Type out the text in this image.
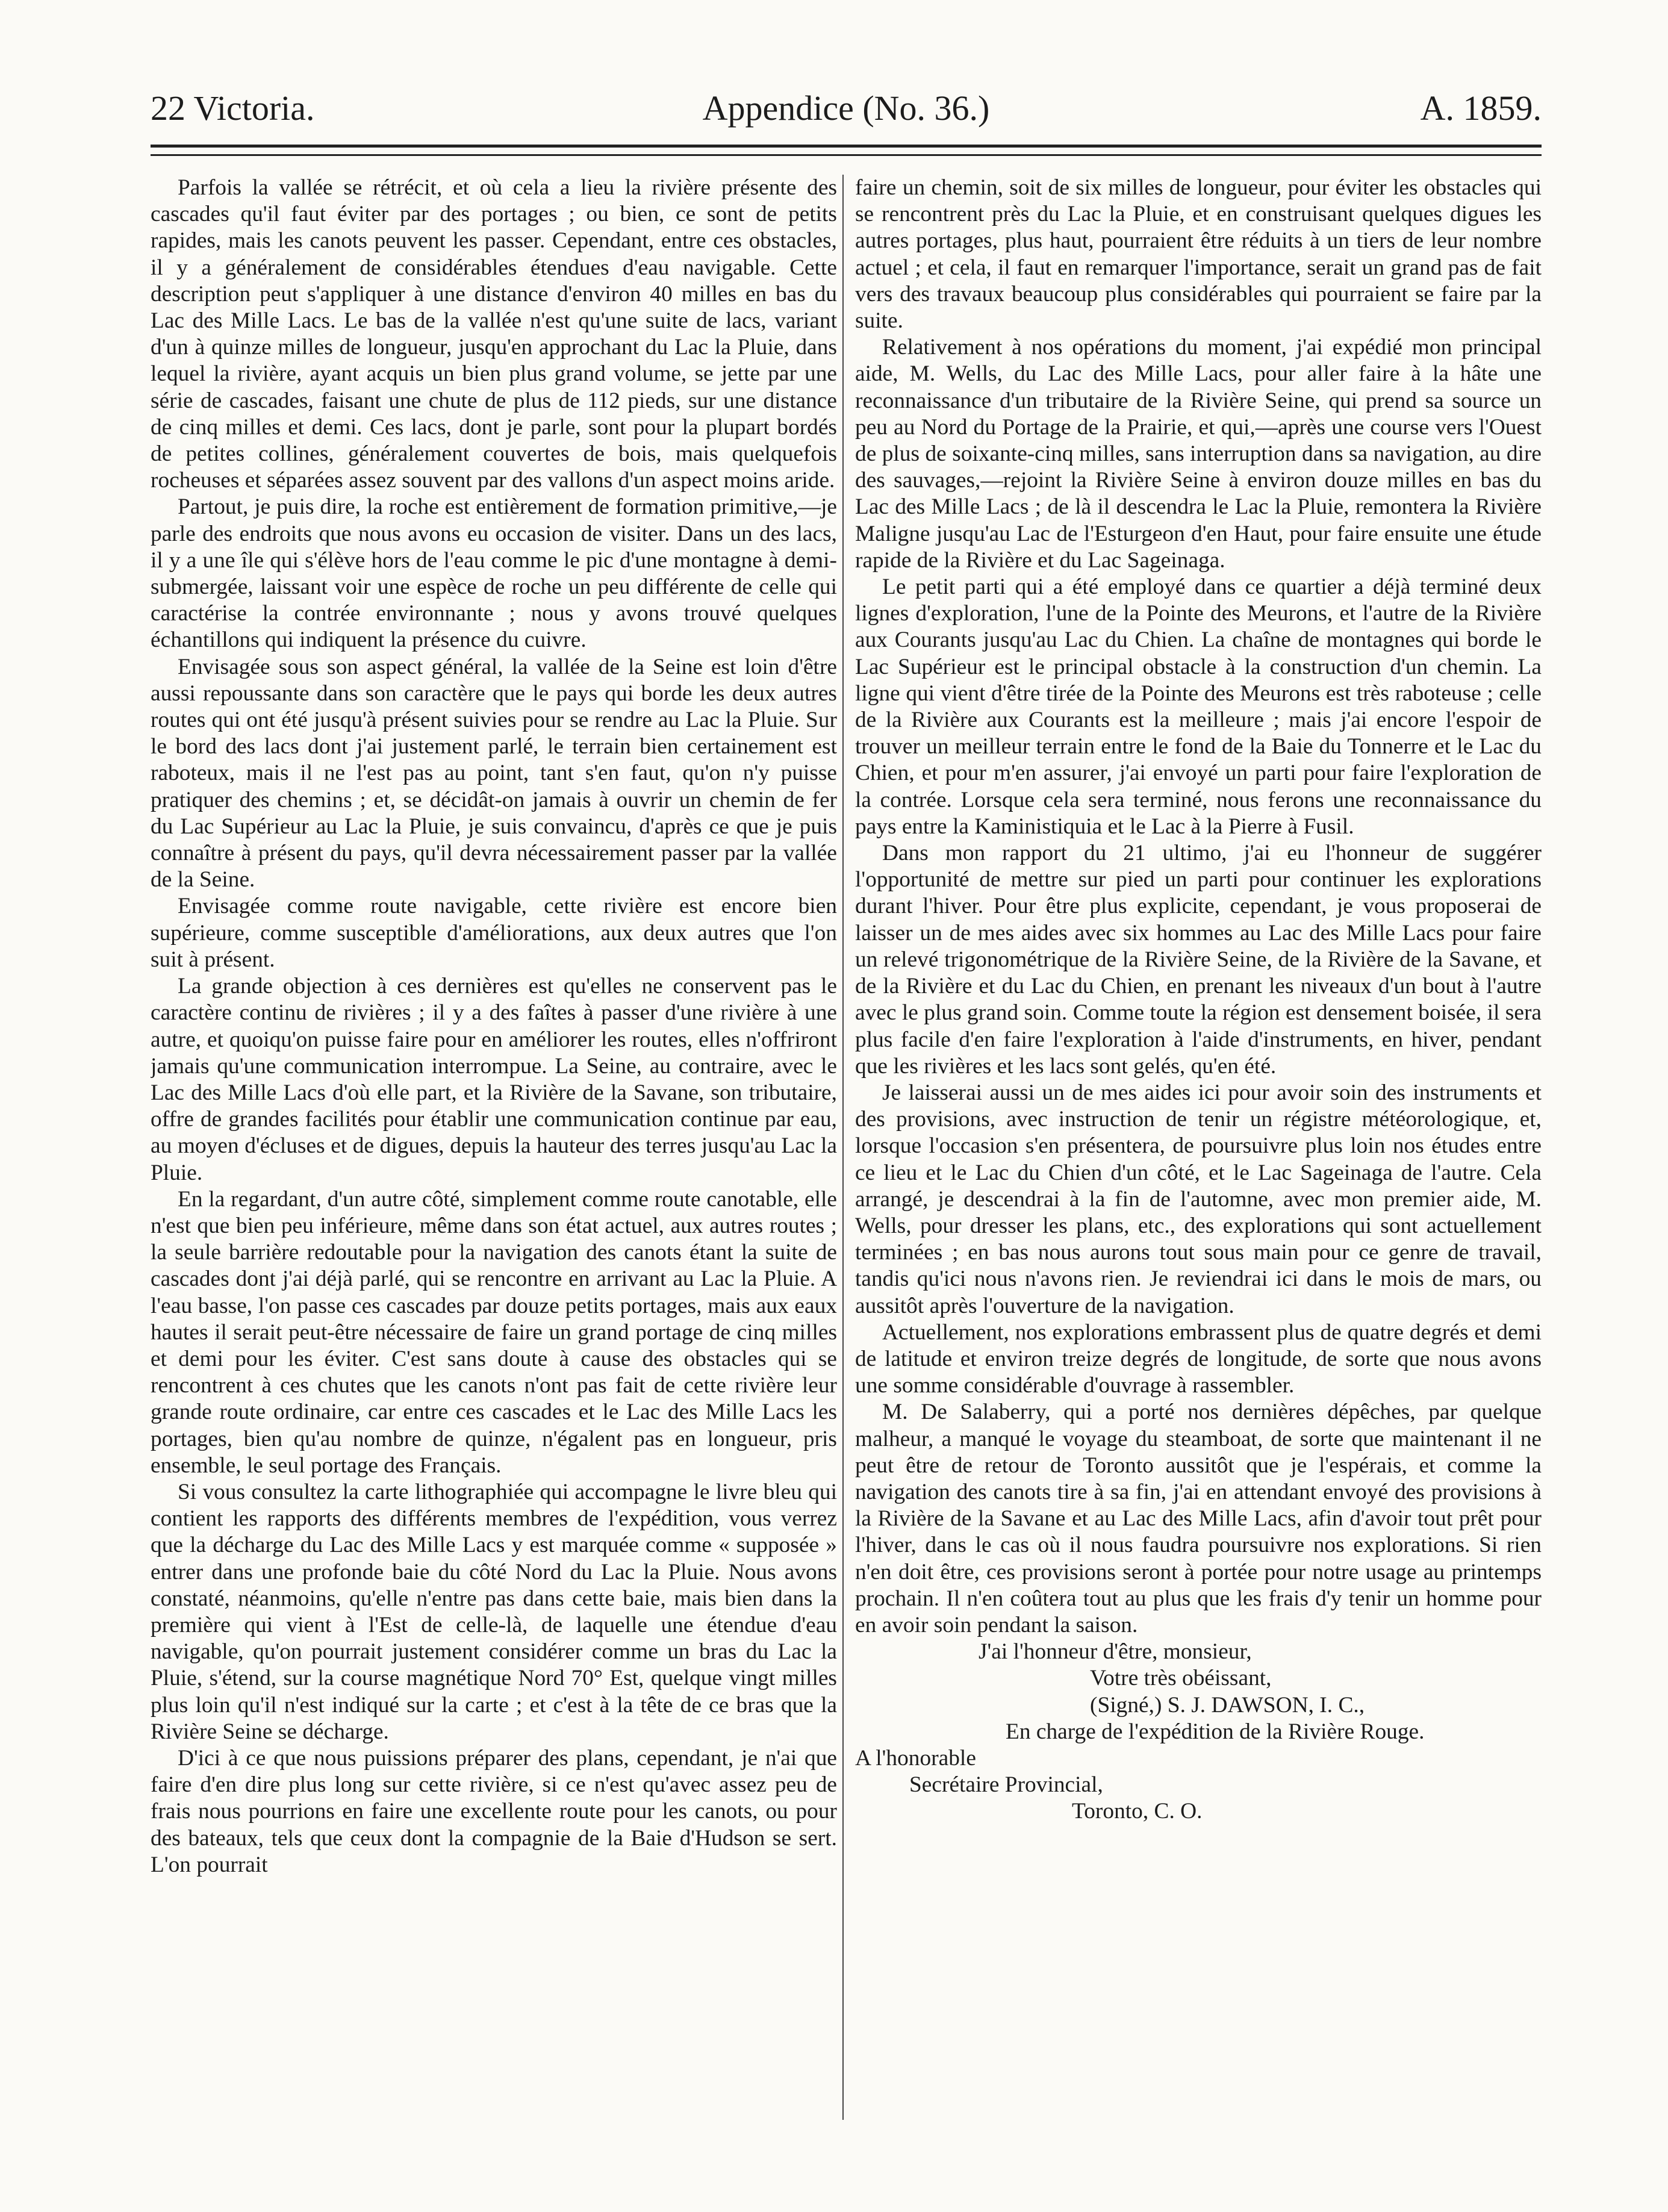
22 Victoria.	Appendice (No. 36.)	A. 1859.

Parfois la vallée se rétrécit, et où cela a lieu la rivière présente des cascades qu'il faut éviter par des portages ; ou bien, ce sont de petits rapides, mais les canots peuvent les passer. Cependant, entre ces obstacles, il y a généralement de considérables étendues d'eau navigable. Cette description peut s'appliquer à une distance d'environ 40 milles en bas du Lac des Mille Lacs. Le bas de la vallée n'est qu'une suite de lacs, variant d'un à quinze milles de longueur, jusqu'en approchant du Lac la Pluie, dans lequel la rivière, ayant acquis un bien plus grand volume, se jette par une série de cascades, faisant une chute de plus de 112 pieds, sur une distance de cinq milles et demi. Ces lacs, dont je parle, sont pour la plupart bordés de petites collines, généralement couvertes de bois, mais quelquefois rocheuses et séparées assez souvent par des vallons d'un aspect moins aride.

Partout, je puis dire, la roche est entièrement de formation primitive,—je parle des endroits que nous avons eu occasion de visiter. Dans un des lacs, il y a une île qui s'élève hors de l'eau comme le pic d'une montagne à demi-submergée, laissant voir une espèce de roche un peu différente de celle qui caractérise la contrée environnante ; nous y avons trouvé quelques échantillons qui indiquent la présence du cuivre.

Envisagée sous son aspect général, la vallée de la Seine est loin d'être aussi repoussante dans son caractère que le pays qui borde les deux autres routes qui ont été jusqu'à présent suivies pour se rendre au Lac la Pluie. Sur le bord des lacs dont j'ai justement parlé, le terrain bien certainement est raboteux, mais il ne l'est pas au point, tant s'en faut, qu'on n'y puisse pratiquer des chemins ; et, se décidât-on jamais à ouvrir un chemin de fer du Lac Supérieur au Lac la Pluie, je suis convaincu, d'après ce que je puis connaître à présent du pays, qu'il devra nécessairement passer par la vallée de la Seine.

Envisagée comme route navigable, cette rivière est encore bien supérieure, comme susceptible d'améliorations, aux deux autres que l'on suit à présent.

La grande objection à ces dernières est qu'elles ne conservent pas le caractère continu de rivières ; il y a des faîtes à passer d'une rivière à une autre, et quoiqu'on puisse faire pour en améliorer les routes, elles n'offriront jamais qu'une communication interrompue. La Seine, au contraire, avec le Lac des Mille Lacs d'où elle part, et la Rivière de la Savane, son tributaire, offre de grandes facilités pour établir une communication continue par eau, au moyen d'écluses et de digues, depuis la hauteur des terres jusqu'au Lac la Pluie.

En la regardant, d'un autre côté, simplement comme route canotable, elle n'est que bien peu inférieure, même dans son état actuel, aux autres routes ; la seule barrière redoutable pour la navigation des canots étant la suite de cascades dont j'ai déjà parlé, qui se rencontre en arrivant au Lac la Pluie. A l'eau basse, l'on passe ces cascades par douze petits portages, mais aux eaux hautes il serait peut-être nécessaire de faire un grand portage de cinq milles et demi pour les éviter. C'est sans doute à cause des obstacles qui se rencontrent à ces chutes que les canots n'ont pas fait de cette rivière leur grande route ordinaire, car entre ces cascades et le Lac des Mille Lacs les portages, bien qu'au nombre de quinze, n'égalent pas en longueur, pris ensemble, le seul portage des Français.

Si vous consultez la carte lithographiée qui accompagne le livre bleu qui contient les rapports des différents membres de l'expédition, vous verrez que la décharge du Lac des Mille Lacs y est marquée comme « supposée » entrer dans une profonde baie du côté Nord du Lac la Pluie. Nous avons constaté, néanmoins, qu'elle n'entre pas dans cette baie, mais bien dans la première qui vient à l'Est de celle-là, de laquelle une étendue d'eau navigable, qu'on pourrait justement considérer comme un bras du Lac la Pluie, s'étend, sur la course magnétique Nord 70° Est, quelque vingt milles plus loin qu'il n'est indiqué sur la carte ; et c'est à la tête de ce bras que la Rivière Seine se décharge.

D'ici à ce que nous puissions préparer des plans, cependant, je n'ai que faire d'en dire plus long sur cette rivière, si ce n'est qu'avec assez peu de frais nous pourrions en faire une excellente route pour les canots, ou pour des bateaux, tels que ceux dont la compagnie de la Baie d'Hudson se sert. L'on pourrait

faire un chemin, soit de six milles de longueur, pour éviter les obstacles qui se rencontrent près du Lac la Pluie, et en construisant quelques digues les autres portages, plus haut, pourraient être réduits à un tiers de leur nombre actuel ; et cela, il faut en remarquer l'importance, serait un grand pas de fait vers des travaux beaucoup plus considérables qui pourraient se faire par la suite.

Relativement à nos opérations du moment, j'ai expédié mon principal aide, M. Wells, du Lac des Mille Lacs, pour aller faire à la hâte une reconnaissance d'un tributaire de la Rivière Seine, qui prend sa source un peu au Nord du Portage de la Prairie, et qui,—après une course vers l'Ouest de plus de soixante-cinq milles, sans interruption dans sa navigation, au dire des sauvages,—rejoint la Rivière Seine à environ douze milles en bas du Lac des Mille Lacs ; de là il descendra le Lac la Pluie, remontera la Rivière Maligne jusqu'au Lac de l'Esturgeon d'en Haut, pour faire ensuite une étude rapide de la Rivière et du Lac Sageinaga.

Le petit parti qui a été employé dans ce quartier a déjà terminé deux lignes d'exploration, l'une de la Pointe des Meurons, et l'autre de la Rivière aux Courants jusqu'au Lac du Chien. La chaîne de montagnes qui borde le Lac Supérieur est le principal obstacle à la construction d'un chemin. La ligne qui vient d'être tirée de la Pointe des Meurons est très raboteuse ; celle de la Rivière aux Courants est la meilleure ; mais j'ai encore l'espoir de trouver un meilleur terrain entre le fond de la Baie du Tonnerre et le Lac du Chien, et pour m'en assurer, j'ai envoyé un parti pour faire l'exploration de la contrée. Lorsque cela sera terminé, nous ferons une reconnaissance du pays entre la Kaministiquia et le Lac à la Pierre à Fusil.

Dans mon rapport du 21 ultimo, j'ai eu l'honneur de suggérer l'opportunité de mettre sur pied un parti pour continuer les explorations durant l'hiver. Pour être plus explicite, cependant, je vous proposerai de laisser un de mes aides avec six hommes au Lac des Mille Lacs pour faire un relevé trigonométrique de la Rivière Seine, de la Rivière de la Savane, et de la Rivière et du Lac du Chien, en prenant les niveaux d'un bout à l'autre avec le plus grand soin. Comme toute la région est densement boisée, il sera plus facile d'en faire l'exploration à l'aide d'instruments, en hiver, pendant que les rivières et les lacs sont gelés, qu'en été.

Je laisserai aussi un de mes aides ici pour avoir soin des instruments et des provisions, avec instruction de tenir un régistre météorologique, et, lorsque l'occasion s'en présentera, de poursuivre plus loin nos études entre ce lieu et le Lac du Chien d'un côté, et le Lac Sageinaga de l'autre. Cela arrangé, je descendrai à la fin de l'automne, avec mon premier aide, M. Wells, pour dresser les plans, etc., des explorations qui sont actuellement terminées ; en bas nous aurons tout sous main pour ce genre de travail, tandis qu'ici nous n'avons rien. Je reviendrai ici dans le mois de mars, ou aussitôt après l'ouverture de la navigation.

Actuellement, nos explorations embrassent plus de quatre degrés et demi de latitude et environ treize degrés de longitude, de sorte que nous avons une somme considérable d'ouvrage à rassembler.

M. De Salaberry, qui a porté nos dernières dépêches, par quelque malheur, a manqué le voyage du steamboat, de sorte que maintenant il ne peut être de retour de Toronto aussitôt que je l'espérais, et comme la navigation des canots tire à sa fin, j'ai en attendant envoyé des provisions à la Rivière de la Savane et au Lac des Mille Lacs, afin d'avoir tout prêt pour l'hiver, dans le cas où il nous faudra poursuivre nos explorations. Si rien n'en doit être, ces provisions seront à portée pour notre usage au printemps prochain. Il n'en coûtera tout au plus que les frais d'y tenir un homme pour en avoir soin pendant la saison.

J'ai l'honneur d'être, monsieur,
Votre très obéissant,
(Signé,) S. J. DAWSON, I. C.,
En charge de l'expédition de la Rivière Rouge.
A l'honorable
Secrétaire Provincial,
Toronto, C. O.
